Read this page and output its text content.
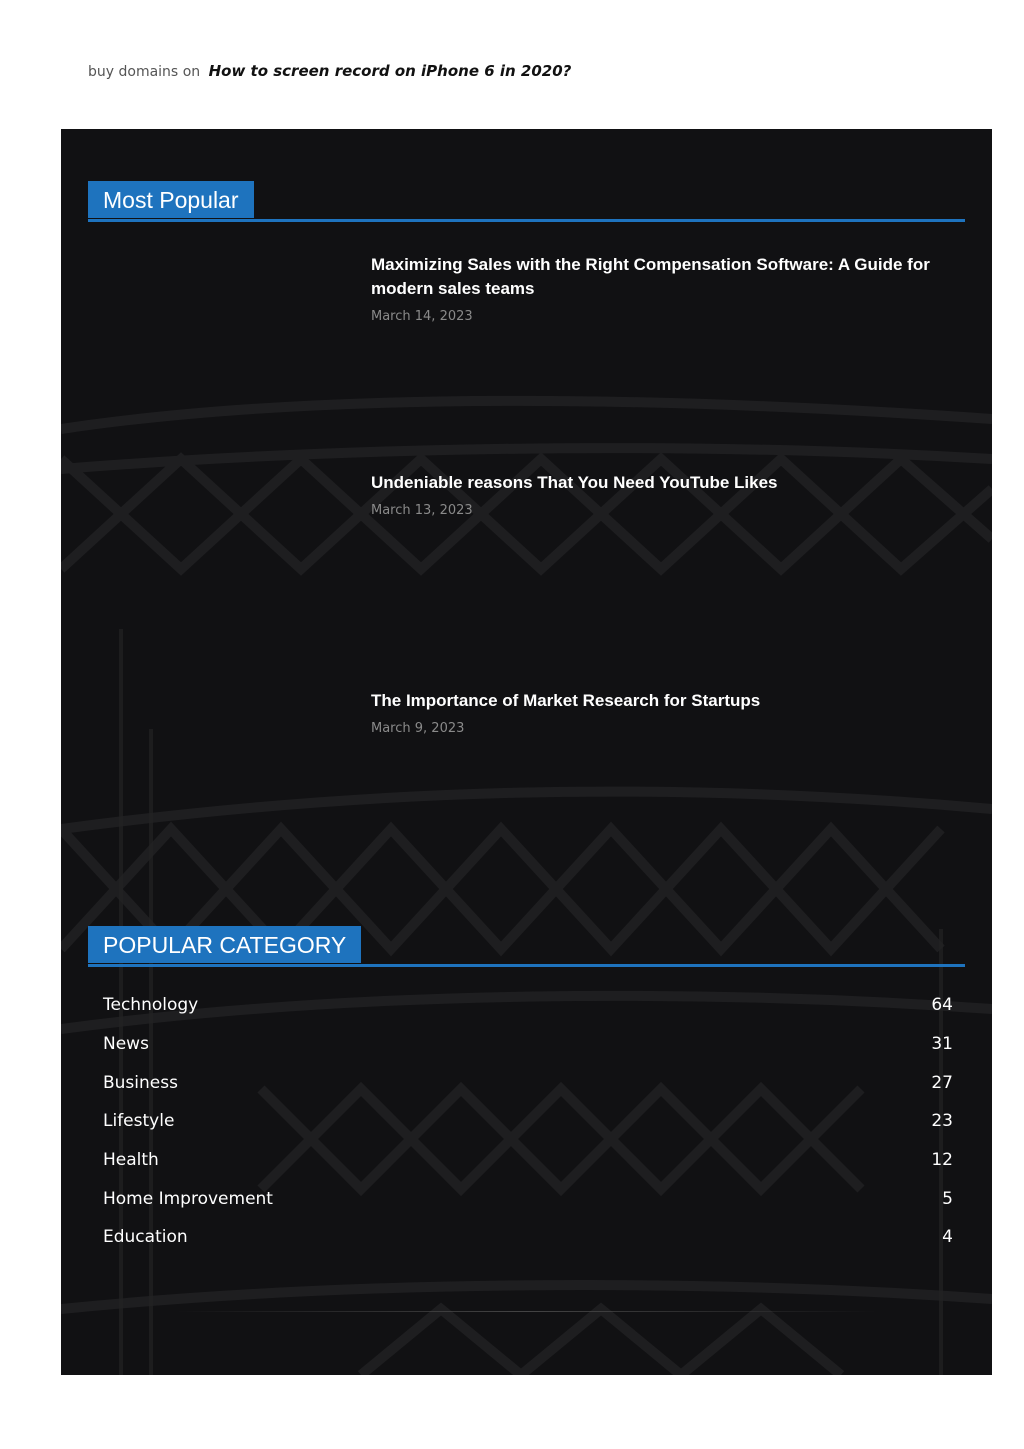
buy domains on How to screen record on iPhone 6 in 2020?
Most Popular
Maximizing Sales with the Right Compensation Software: A Guide for modern sales teams
March 14, 2023
Undeniable reasons That You Need YouTube Likes
March 13, 2023
The Importance of Market Research for Startups
March 9, 2023
POPULAR CATEGORY
Technology	64
News	31
Business	27
Lifestyle	23
Health	12
Home Improvement	5
Education	4
